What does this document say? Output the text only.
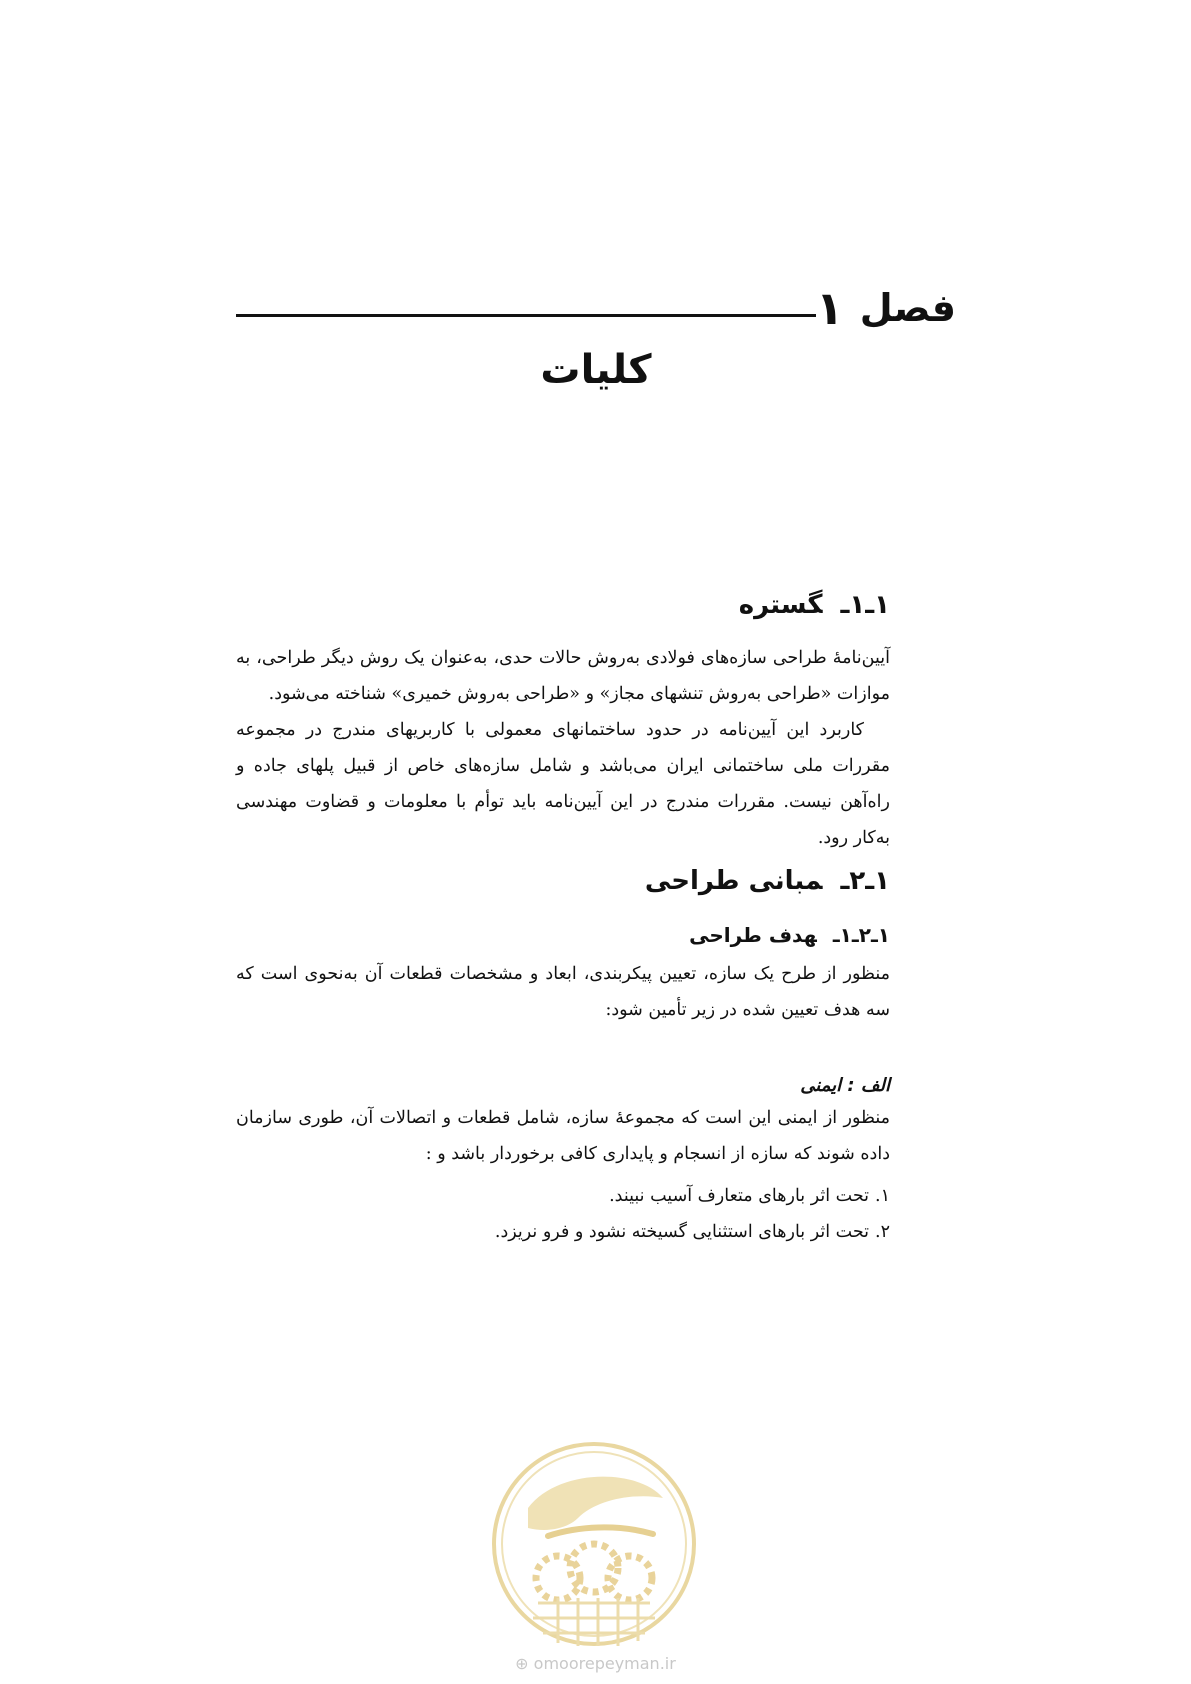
فصل
۱
کلیات
۱ـ۱ـگستره

آیین‌نامهٔ طراحی سازه‌های فولادی به‌روش حالات حدی، به‌عنوان یک روش دیگر طراحی، به موازات «طراحی به‌روش تنشهای مجاز» و «طراحی به‌روش خمیری» شناخته می‌شود.

کاربرد این آیین‌نامه در حدود ساختمانهای معمولی با کاربریهای مندرج در مجموعه مقررات ملی ساختمانی ایران می‌باشد و شامل سازه‌های خاص از قبیل پلهای جاده و راه‌آهن نیست. مقررات مندرج در این آیین‌نامه باید توأم با معلومات و قضاوت مهندسی به‌کار رود.

۱ـ۲ـمبانی طراحی
۱ـ۲ـ۱ـهدف طراحی

منظور از طرح یک سازه، تعیین پیکربندی، ابعاد و مشخصات قطعات آن به‌نحوی است که سه هدف تعیین شده در زیر تأمین شود:

الف : ایمنی

منظور از ایمنی این است که مجموعهٔ سازه، شامل قطعات و اتصالات آن، طوری سازمان داده شوند که سازه از انسجام و پایداری کافی برخوردار باشد و :

۱.تحت اثر بارهای متعارف آسیب نبیند.
۲.تحت اثر بارهای استثنایی گسیخته نشود و فرو نریزد.
⊕ omoorepeyman.ir
